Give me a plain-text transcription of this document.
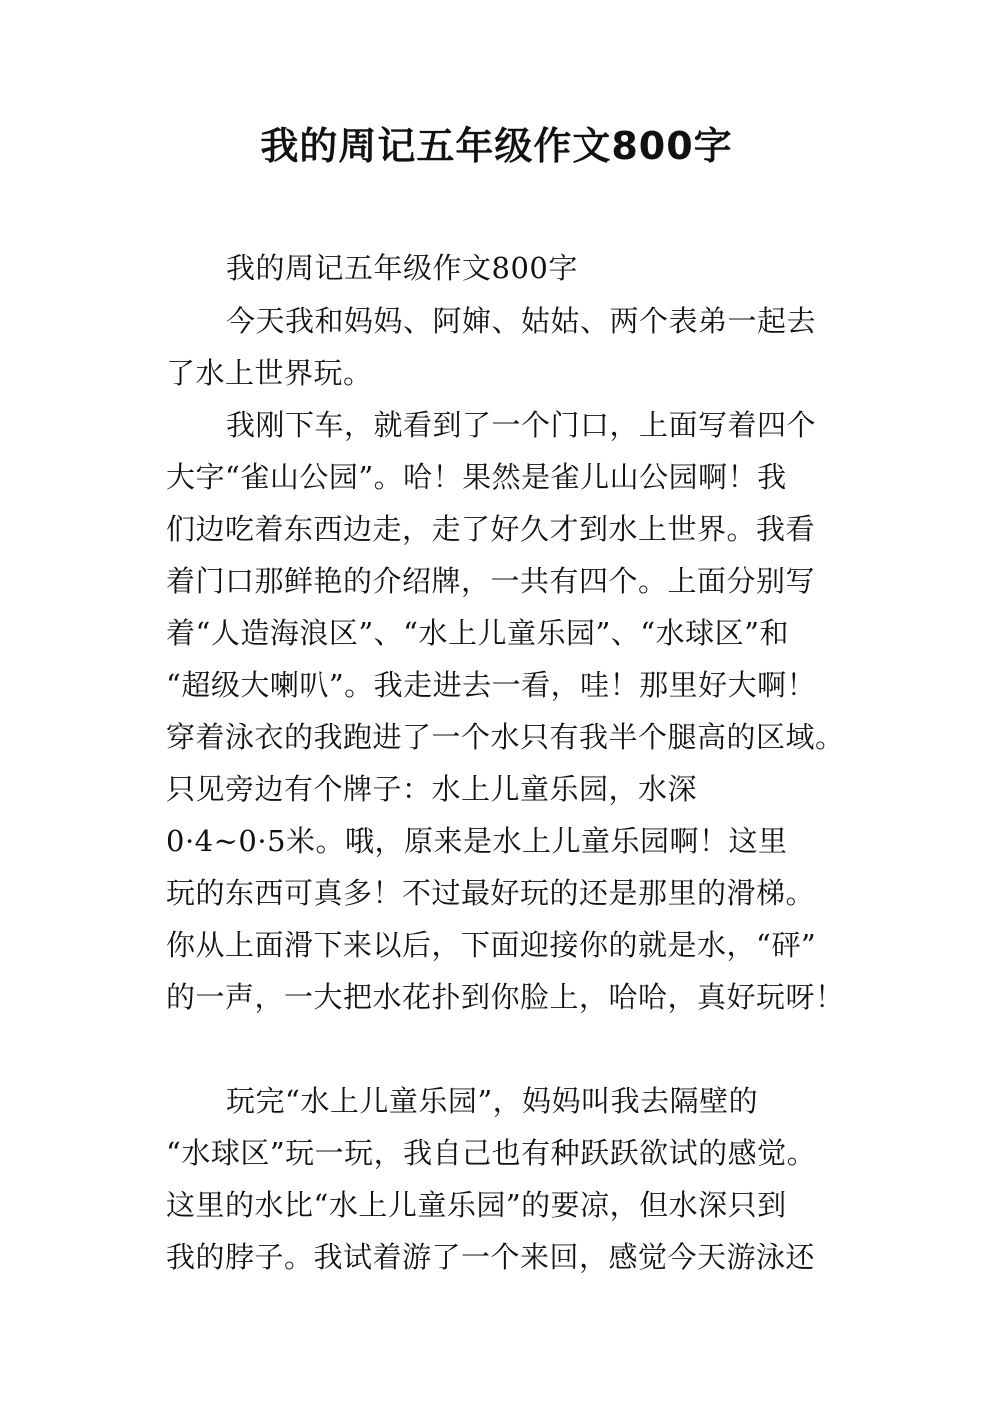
我的周记五年级作文800字
我的周记五年级作文800字
今天我和妈妈、阿婶、姑姑、两个表弟一起去
了水上世界玩。
我刚下车，就看到了一个门口，上面写着四个
大字“雀山公园”。哈！果然是雀儿山公园啊！我
们边吃着东西边走，走了好久才到水上世界。我看
着门口那鲜艳的介绍牌，一共有四个。上面分别写
着“人造海浪区”、“水上儿童乐园”、“水球区”和
“超级大喇叭”。我走进去一看，哇！那里好大啊！
穿着泳衣的我跑进了一个水只有我半个腿高的区域。
只见旁边有个牌子：水上儿童乐园，水深
0·4~0·5米。哦，原来是水上儿童乐园啊！这里
玩的东西可真多！不过最好玩的还是那里的滑梯。
你从上面滑下来以后，下面迎接你的就是水，“砰”
的一声，一大把水花扑到你脸上，哈哈，真好玩呀！
玩完“水上儿童乐园”，妈妈叫我去隔壁的
“水球区”玩一玩，我自己也有种跃跃欲试的感觉。
这里的水比“水上儿童乐园”的要凉，但水深只到
我的脖子。我试着游了一个来回，感觉今天游泳还
